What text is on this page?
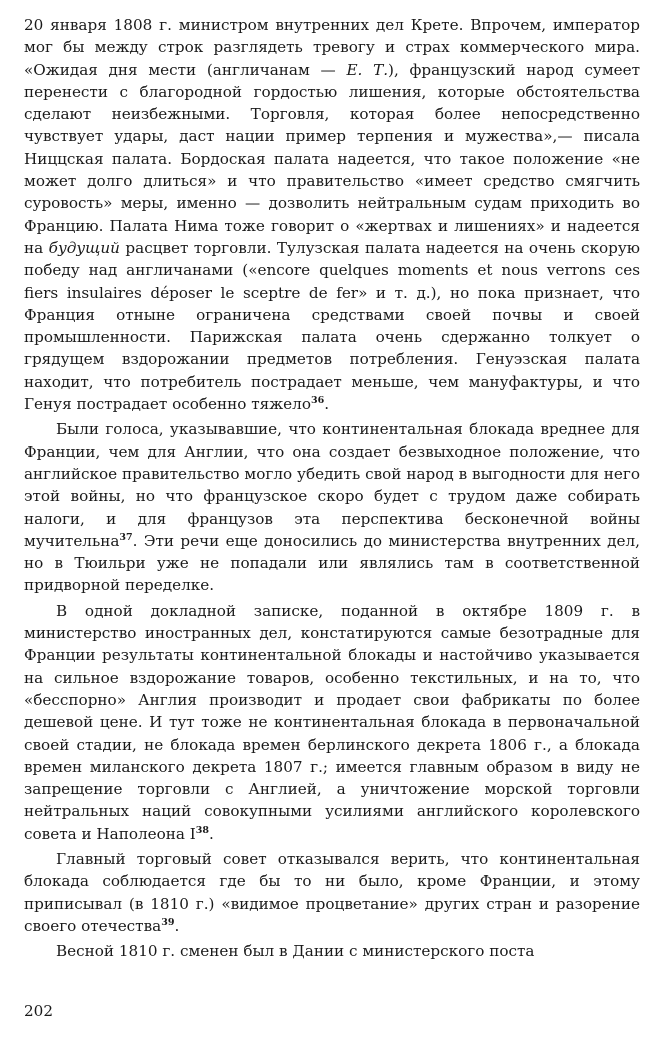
20 января 1808 г. министром внутренних дел Крете. Впрочем, император мог бы между строк разглядеть тревогу и страх коммерческого мира. «Ожидая дня мести (англичанам — Е. Т.), французский народ сумеет перенести с благородной гордостью лишения, которые обстоятельства сделают неизбежными. Торговля, которая более непосредственно чувствует удары, даст нации пример терпения и мужества»,— писала Ниццская палата. Бордоская палата надеется, что такое положение «не может долго длиться» и что правительство «имеет средство смягчить суровость» меры, именно — дозволить нейтральным судам приходить во Францию. Палата Нима тоже говорит о «жертвах и лишениях» и надеется на будущий расцвет торговли. Тулузская палата надеется на очень скорую победу над англичанами («encore quelques moments et nous verrons ces fiers insulaires déposer le sceptre de fer» и т. д.), но пока признает, что Франция отныне ограничена средствами своей почвы и своей промышленности. Парижская палата очень сдержанно толкует о грядущем вздорожании предметов потребления. Генуэзская палата находит, что потребитель пострадает меньше, чем мануфактуры, и что Генуя пострадает особенно тяжело$^{36}$.

Были голоса, указывавшие, что континентальная блокада вреднее для Франции, чем для Англии, что она создает безвыходное положение, что английское правительство могло убедить свой народ в выгодности для него этой войны, но что французское скоро будет с трудом даже собирать налоги, и для французов эта перспектива бесконечной войны мучительна$^{37}$. Эти речи еще доносились до министерства внутренних дел, но в Тюильри уже не попадали или являлись там в соответственной придворной переделке.

В одной докладной записке, поданной в октябре 1809 г. в министерство иностранных дел, констатируются самые безотрадные для Франции результаты континентальной блокады и настойчиво указывается на сильное вздорожание товаров, особенно текстильных, и на то, что «бесспорно» Англия производит и продает свои фабрикаты по более дешевой цене. И тут тоже не континентальная блокада в первоначальной своей стадии, не блокада времен берлинского декрета 1806 г., а блокада времен миланского декрета 1807 г.; имеется главным образом в виду не запрещение торговли с Англией, а уничтожение морской торговли нейтральных наций совокупными усилиями английского королевского совета и Наполеона $I^{38}$.

Главный торговый совет отказывался верить, что континентальная блокада соблюдается где бы то ни было, кроме Франции, и этому приписывал (в 1810 г.) «видимое процветание» других стран и разорение своего отечества$^{39}$.

Весной 1810 г. сменен был в Дании с министерского поста

202
